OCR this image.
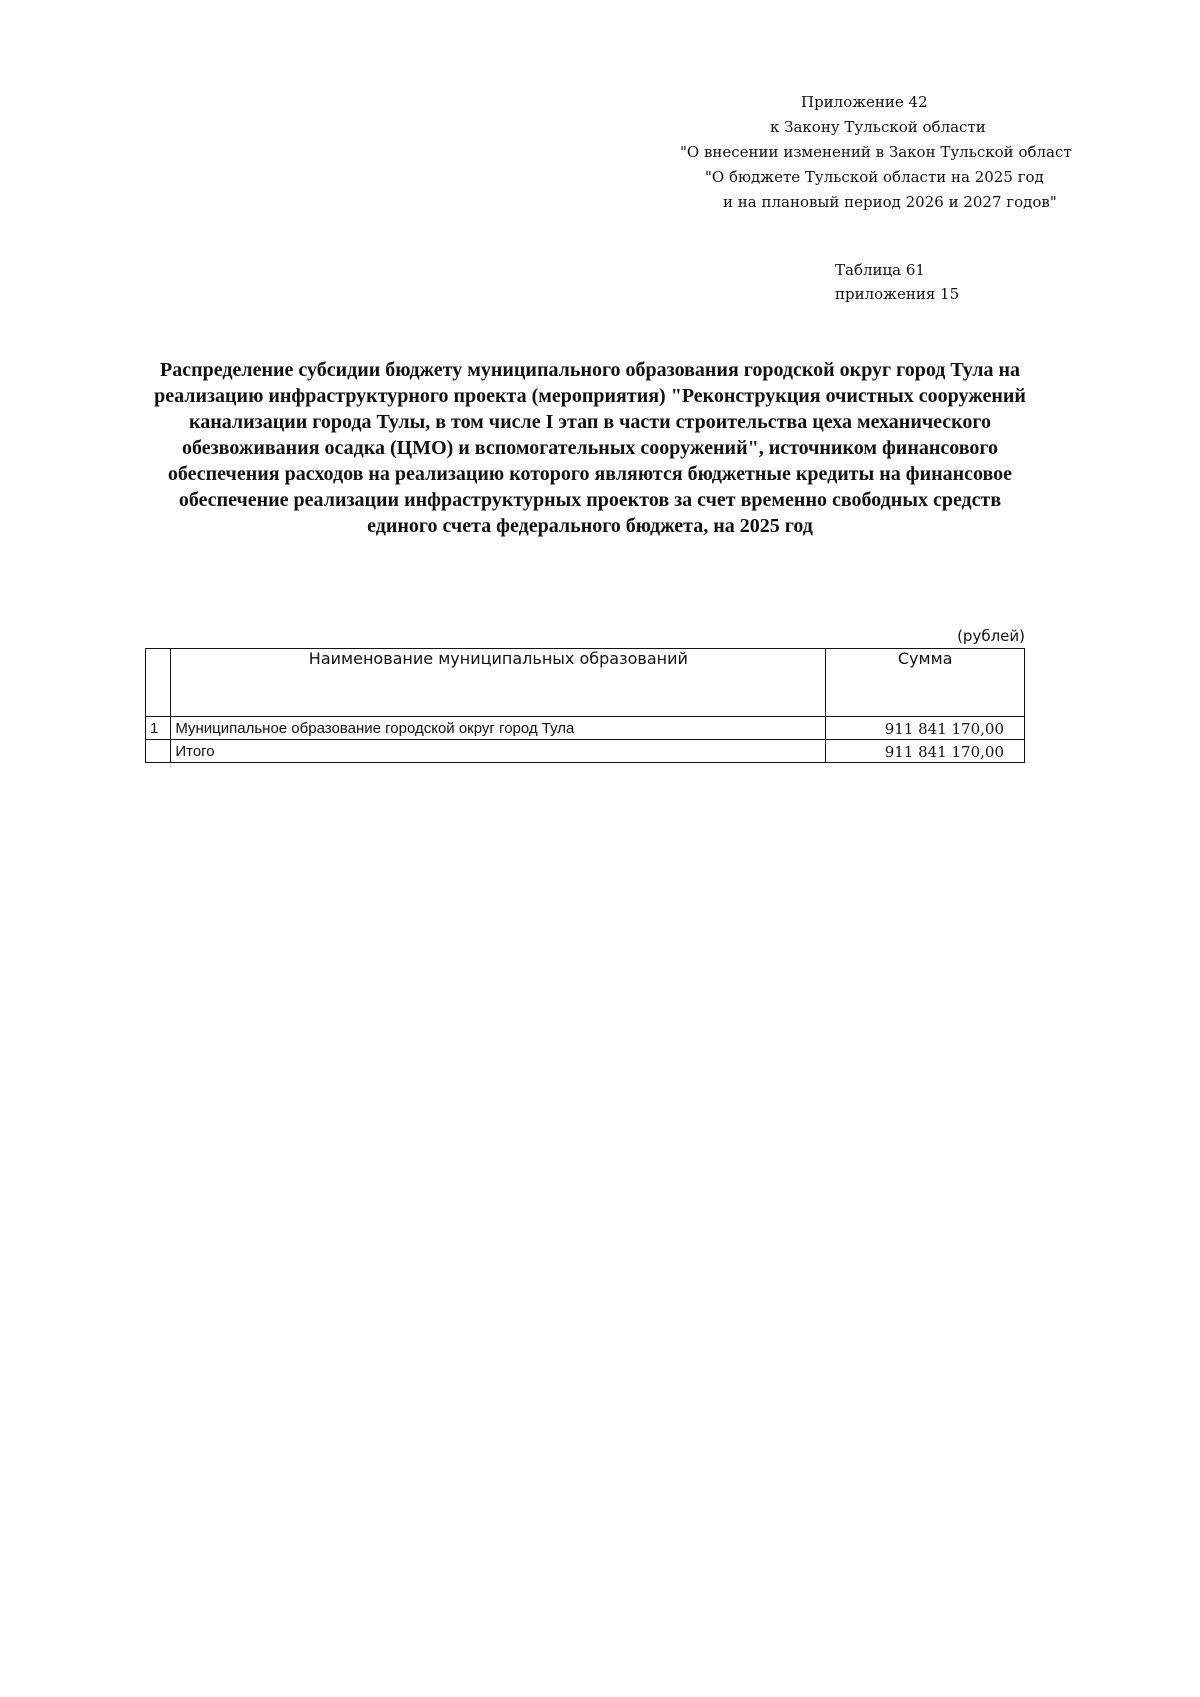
Приложение 42
к Закону Тульской области
"О внесении изменений в Закон Тульской област
"О бюджете Тульской области на 2025 год
и на плановый период 2026 и 2027 годов"
Таблица 61
приложения 15
Распределение субсидии бюджету муниципального образования городской округ город Тула на реализацию инфраструктурного проекта (мероприятия) "Реконструкция очистных сооружений канализации города Тулы, в том числе I этап в части строительства цеха механического обезвоживания осадка (ЦМО) и вспомогательных сооружений", источником финансового обеспечения расходов на реализацию которого являются бюджетные кредиты на финансовое обеспечение реализации инфраструктурных проектов за счет временно свободных средств единого счета федерального бюджета, на 2025 год
(рублей)
	Наименование муниципальных образований	Сумма
1	Муниципальное образование городской округ город Тула	911 841 170,00
	Итого	911 841 170,00
